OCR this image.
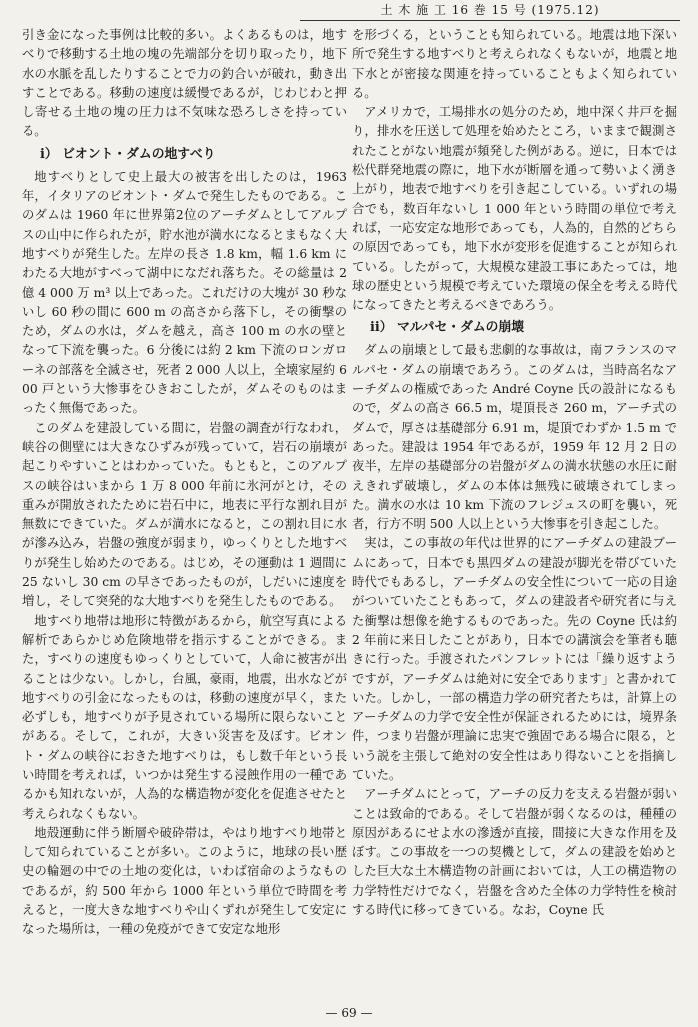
土 木 施 工 16 巻 15 号 (1975.12)

引き金になった事例は比較的多い。よくあるものは，地すべりで移動する土地の塊の先端部分を切り取ったり，地下水の水脈を乱したりすることで力の釣合いが破れ，動き出すことである。移動の速度は緩慢であるが，じわじわと押し寄せる土地の塊の圧力は不気味な恐ろしさを持っている。

i） ビオント・ダムの地すべり

地すべりとして史上最大の被害を出したのは，1963年，イタリアのビオント・ダムで発生したものである。このダムは 1960 年に世界第2位のアーチダムとしてアルプスの山中に作られたが，貯水池が満水になるとまもなく大地すべりが発生した。左岸の長さ 1.8 km，幅 1.6 km にわたる大地がすべって湖中になだれ落ちた。その総量は 2 億 4 000 万 m³ 以上であった。これだけの大塊が 30 秒ないし 60 秒の間に 600 m の高さから落下し，その衝撃のため，ダムの水は，ダムを越え，高さ 100 m の水の壁となって下流を襲った。6 分後には約 2 km 下流のロンガローネの部落を全滅させ，死者 2 000 人以上，全壊家屋約 600 戸という大惨事をひきおこしたが，ダムそのものはまったく無傷であった。

このダムを建設している間に，岩盤の調査が行なわれ，峡谷の側壁には大きなひずみが残っていて，岩石の崩壊が起こりやすいことはわかっていた。もともと，このアルプスの峡谷はいまから 1 万 8 000 年前に氷河がとけ，その重みが開放されたために岩石中に，地表に平行な割れ目が無数にできていた。ダムが満水になると，この割れ目に水が滲み込み，岩盤の強度が弱まり，ゆっくりとした地すべりが発生し始めたのである。はじめ，その運動は 1 週間に 25 ないし 30 cm の早さであったものが，しだいに速度を増し，そして突発的な大地すべりを発生したものである。

地すべり地帯は地形に特徴があるから，航空写真による解析であらかじめ危険地帯を指示することができる。また，すべりの速度もゆっくりとしていて，人命に被害が出ることは少ない。しかし，台風，豪雨，地震，出水などが地すべりの引金になったものは，移動の速度が早く，また必ずしも，地すべりが予見されている場所に限らないことがある。そして，これが，大きい災害を及ぼす。ビオント・ダムの峡谷におきた地すべりは，もし数千年という長い時間を考えれば，いつかは発生する浸蝕作用の一種であるかも知れないが，人為的な構造物が変化を促進させたと考えられなくもない。

地殻運動に伴う断層や破砕帯は，やはり地すべり地帯として知られていることが多い。このように，地球の長い歴史の輪廻の中での土地の変化は，いわば宿命のようなものであるが，約 500 年から 1000 年という単位で時間を考えると，一度大きな地すべりや山くずれが発生して安定になった場所は，一種の免疫ができて安定な地形

を形づくる，ということも知られている。地震は地下深い所で発生する地すべりと考えられなくもないが，地震と地下水とが密接な関連を持っていることもよく知られている。

アメリカで，工場排水の処分のため，地中深く井戸を掘り，排水を圧送して処理を始めたところ，いままで観測されたことがない地震が頻発した例がある。逆に，日本では松代群発地震の際に，地下水が断層を通って勢いよく湧き上がり，地表で地すべりを引き起こしている。いずれの場合でも，数百年ないし 1 000 年という時間の単位で考えれば，一応安定な地形であっても，人為的，自然的どちらの原因であっても，地下水が変形を促進することが知られている。したがって，大規模な建設工事にあたっては，地球の歴史という規模で考えていた環境の保全を考える時代になってきたと考えるべきであろう。

ii） マルパセ・ダムの崩壊

ダムの崩壊として最も悲劇的な事故は，南フランスのマルパセ・ダムの崩壊であろう。このダムは，当時高名なアーチダムの権威であった André Coyne 氏の設計になるもので，ダムの高さ 66.5 m，堤頂長さ 260 m，アーチ式のダムで，厚さは基礎部分 6.91 m，堤頂でわずか 1.5 m であった。建設は 1954 年であるが，1959 年 12 月 2 日の夜半，左岸の基礎部分の岩盤がダムの満水状態の水圧に耐えきれず破壊し，ダムの本体は無残に破壊されてしまった。満水の水は 10 km 下流のフレジュスの町を襲い，死者，行方不明 500 人以上という大惨事を引き起こした。

実は，この事故の年代は世界的にアーチダムの建設ブームにあって，日本でも黒四ダムの建設が脚光を帯びていた時代でもあるし，アーチダムの安全性について一応の目途がついていたこともあって，ダムの建設者や研究者に与えた衝撃は想像を絶するものであった。先の Coyne 氏は約 2 年前に来日したことがあり，日本での講演会を筆者も聴きに行った。手渡されたパンフレットには「繰り返すようですが，アーチダムは絶対に安全であります」と書かれていた。しかし，一部の構造力学の研究者たちは，計算上のアーチダムの力学で安全性が保証されるためには，境界条件，つまり岩盤が理論に忠実で強固である場合に限る，という説を主張して絶対の安全性はあり得ないことを指摘していた。

アーチダムにとって，アーチの反力を支える岩盤が弱いことは致命的である。そして岩盤が弱くなるのは，種種の原因があるにせよ水の滲透が直接，間接に大きな作用を及ぼす。この事故を一つの契機として，ダムの建設を始めとした巨大な土木構造物の計画においては，人工の構造物の力学特性だけでなく，岩盤を含めた全体の力学特性を検討する時代に移ってきている。なお，Coyne 氏

— 69 —
